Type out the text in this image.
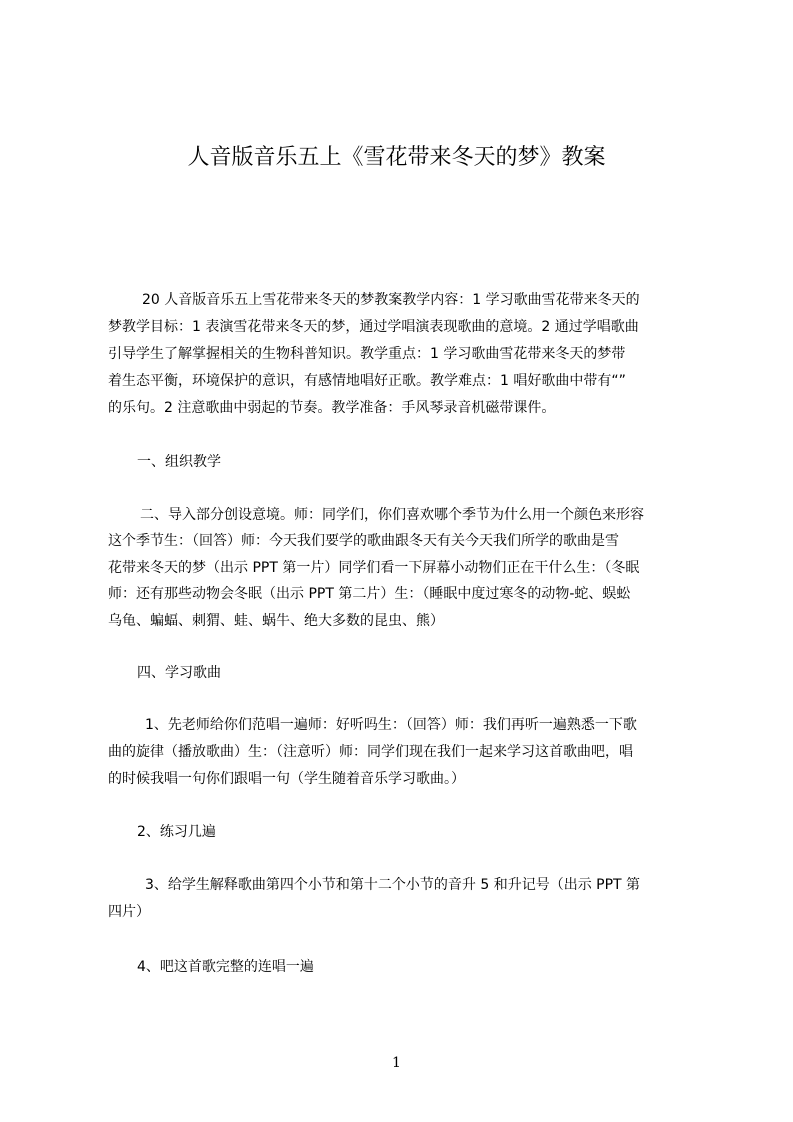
人音版音乐五上《雪花带来冬天的梦》教案
20 人音版音乐五上雪花带来冬天的梦教案教学内容：1 学习歌曲雪花带来冬天的
梦教学目标：1 表演雪花带来冬天的梦，通过学唱演表现歌曲的意境。2 通过学唱歌曲
引导学生了解掌握相关的生物科普知识。教学重点：1 学习歌曲雪花带来冬天的梦带
着生态平衡，环境保护的意识，有感情地唱好正歌。教学难点：1 唱好歌曲中带有“”
的乐句。2 注意歌曲中弱起的节奏。教学准备：手风琴录音机磁带课件。
一、组织教学
二、导入部分创设意境。师：同学们，你们喜欢哪个季节为什么用一个颜色来形容
这个季节生：（回答）师：今天我们要学的歌曲跟冬天有关今天我们所学的歌曲是雪
花带来冬天的梦（出示 PPT 第一片）同学们看一下屏幕小动物们正在干什么生：（冬眠
师：还有那些动物会冬眠（出示 PPT 第二片）生：（睡眠中度过寒冬的动物-蛇、蜈蚣
乌龟、蝙蝠、刺猬、蛙、蜗牛、绝大多数的昆虫、熊）
四、学习歌曲
1、先老师给你们范唱一遍师：好听吗生：（回答）师：我们再听一遍熟悉一下歌
曲的旋律（播放歌曲）生：（注意听）师：同学们现在我们一起来学习这首歌曲吧，唱
的时候我唱一句你们跟唱一句（学生随着音乐学习歌曲。）
2、练习几遍
3、给学生解释歌曲第四个小节和第十二个小节的音升 5 和升记号（出示 PPT 第
四片）
4、吧这首歌完整的连唱一遍
1
